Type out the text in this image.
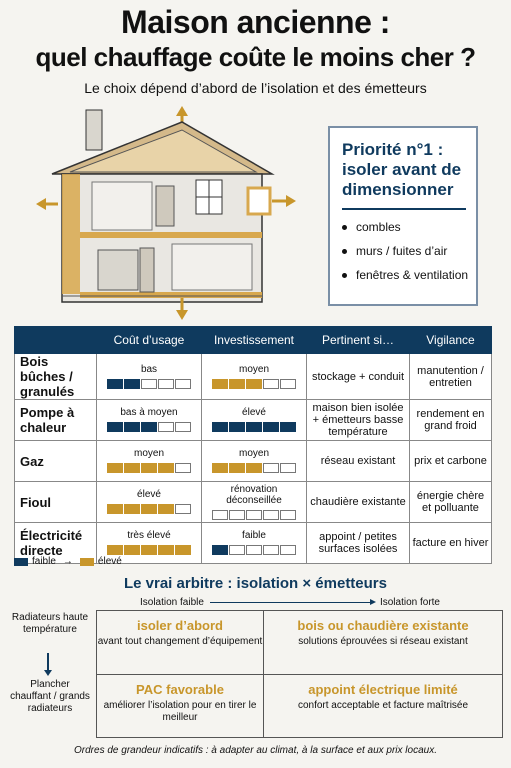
Maison ancienne :
quel chauffage coûte le moins cher ?
Le choix dépend d’abord de l’isolation et des émetteurs
Priorité n°1 : isoler avant de dimensionner
combles
murs / fuites d’air
fenêtres & ventilation
	Coût d’usage	Investissement	Pertinent si…	Vigilance
Bois bûches / granulés	bas	moyen	stockage + conduit	manutention / entretien
Pompe à chaleur	bas à moyen	élevé	maison bien isolée + émetteurs basse température	rendement en grand froid
Gaz	moyen	moyen	réseau existant	prix et carbone
Fioul	élevé	rénovation déconseillée	chaudière existante	énergie chère et polluante
Électricité directe	très élevé	faible	appoint / petites surfaces isolées	facture en hiver
faible →	élevé
Le vrai arbitre : isolation × émetteurs
Isolation faible	Isolation forte
Radiateurs haute température
Plancher chauffant / grands radiateurs
isoler d’abord

avant tout changement d’équipement

bois ou chaudière existante

solutions éprouvées si réseau existant

PAC favorable

améliorer l’isolation pour en tirer le meilleur

appoint électrique limité

confort acceptable et facture maîtrisée

Ordres de grandeur indicatifs : à adapter au climat, à la surface et aux prix locaux.
